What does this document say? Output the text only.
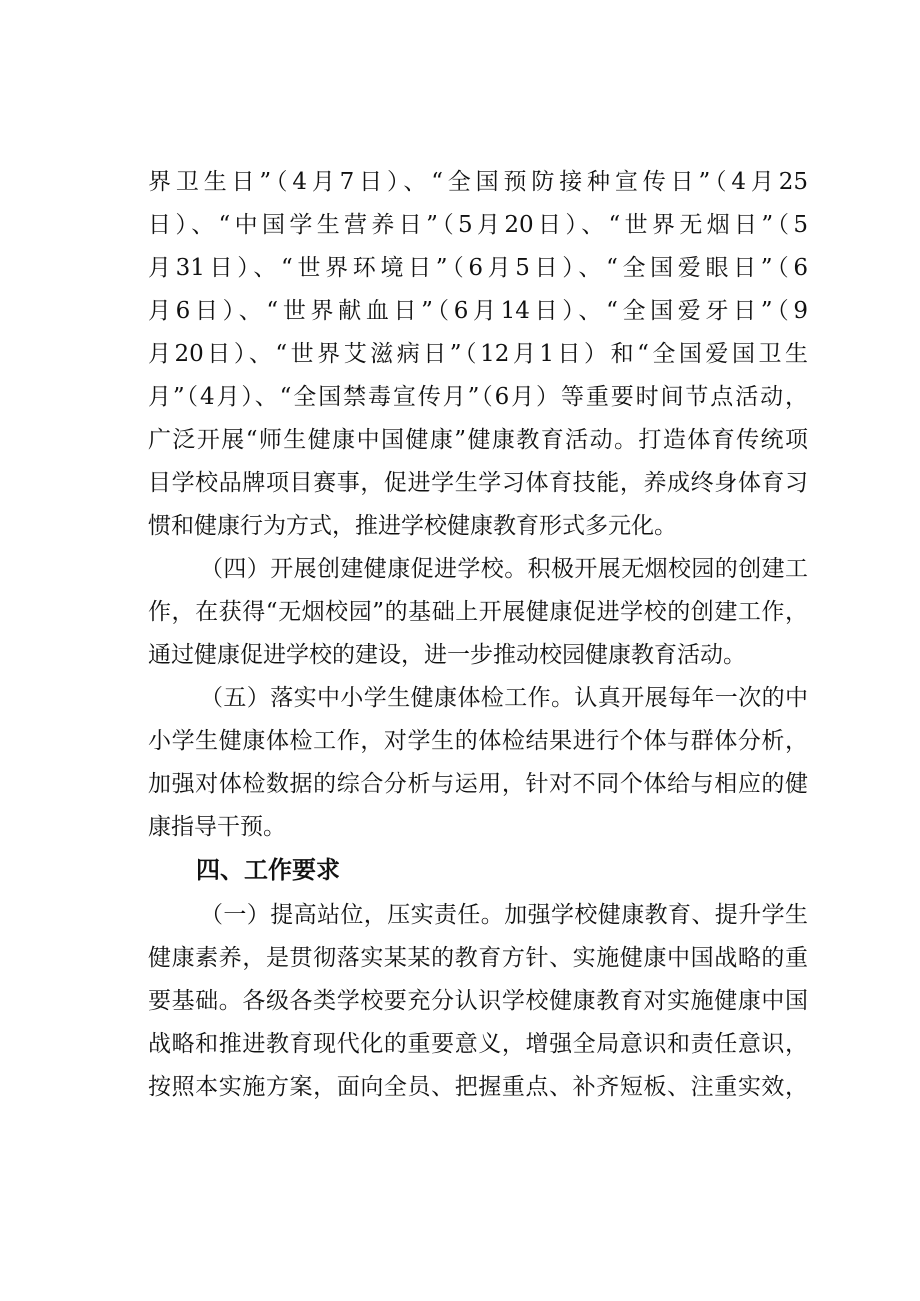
界卫生日”（4月7日）、“全国预防接种宣传日”（4月25
日）、“中国学生营养日”（5月20日）、“世界无烟日”（5
月31日）、“世界环境日”（6月5日）、“全国爱眼日”（6
月6日）、“世界献血日”（6月14日）、“全国爱牙日”（9
月20日）、“世界艾滋病日”（12月1日）和“全国爱国卫生
月”（4月）、“全国禁毒宣传月”（6月）等重要时间节点活动，
广泛开展“师生健康中国健康”健康教育活动。打造体育传统项
目学校品牌项目赛事，促进学生学习体育技能，养成终身体育习
惯和健康行为方式，推进学校健康教育形式多元化。
（四）开展创建健康促进学校。积极开展无烟校园的创建工
作，在获得“无烟校园”的基础上开展健康促进学校的创建工作，
通过健康促进学校的建设，进一步推动校园健康教育活动。
（五）落实中小学生健康体检工作。认真开展每年一次的中
小学生健康体检工作，对学生的体检结果进行个体与群体分析，
加强对体检数据的综合分析与运用，针对不同个体给与相应的健
康指导干预。
四、工作要求
（一）提高站位，压实责任。加强学校健康教育、提升学生
健康素养，是贯彻落实某某的教育方针、实施健康中国战略的重
要基础。各级各类学校要充分认识学校健康教育对实施健康中国
战略和推进教育现代化的重要意义，增强全局意识和责任意识，
按照本实施方案，面向全员、把握重点、补齐短板、注重实效，
